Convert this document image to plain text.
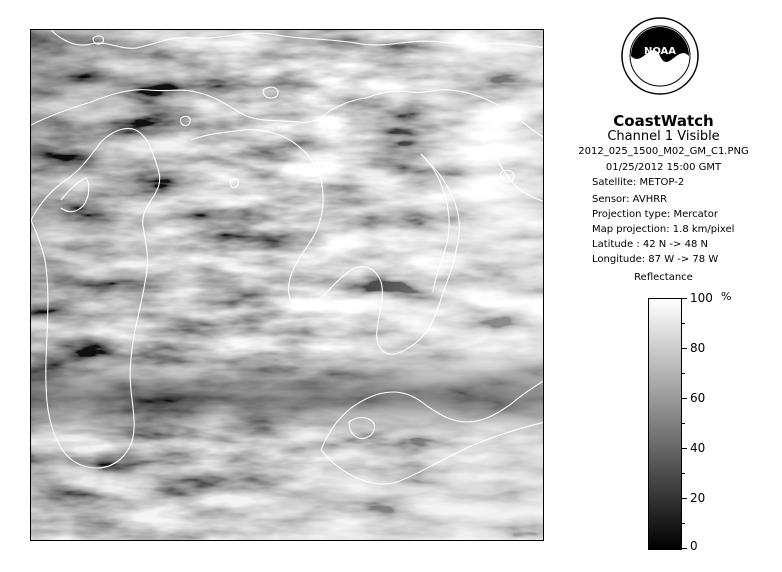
NOAA
CoastWatch
Channel 1 Visible
2012_025_1500_M02_GM_C1.PNG
01/25/2012 15:00 GMT
Satellite: METOP-2
Sensor: AVHRR
Projection type: Mercator
Map projection: 1.8 km/pixel
Latitude : 42 N -> 48 N
Longitude: 87 W -> 78 W
Reflectance
%
100
80
60
40
20
0
